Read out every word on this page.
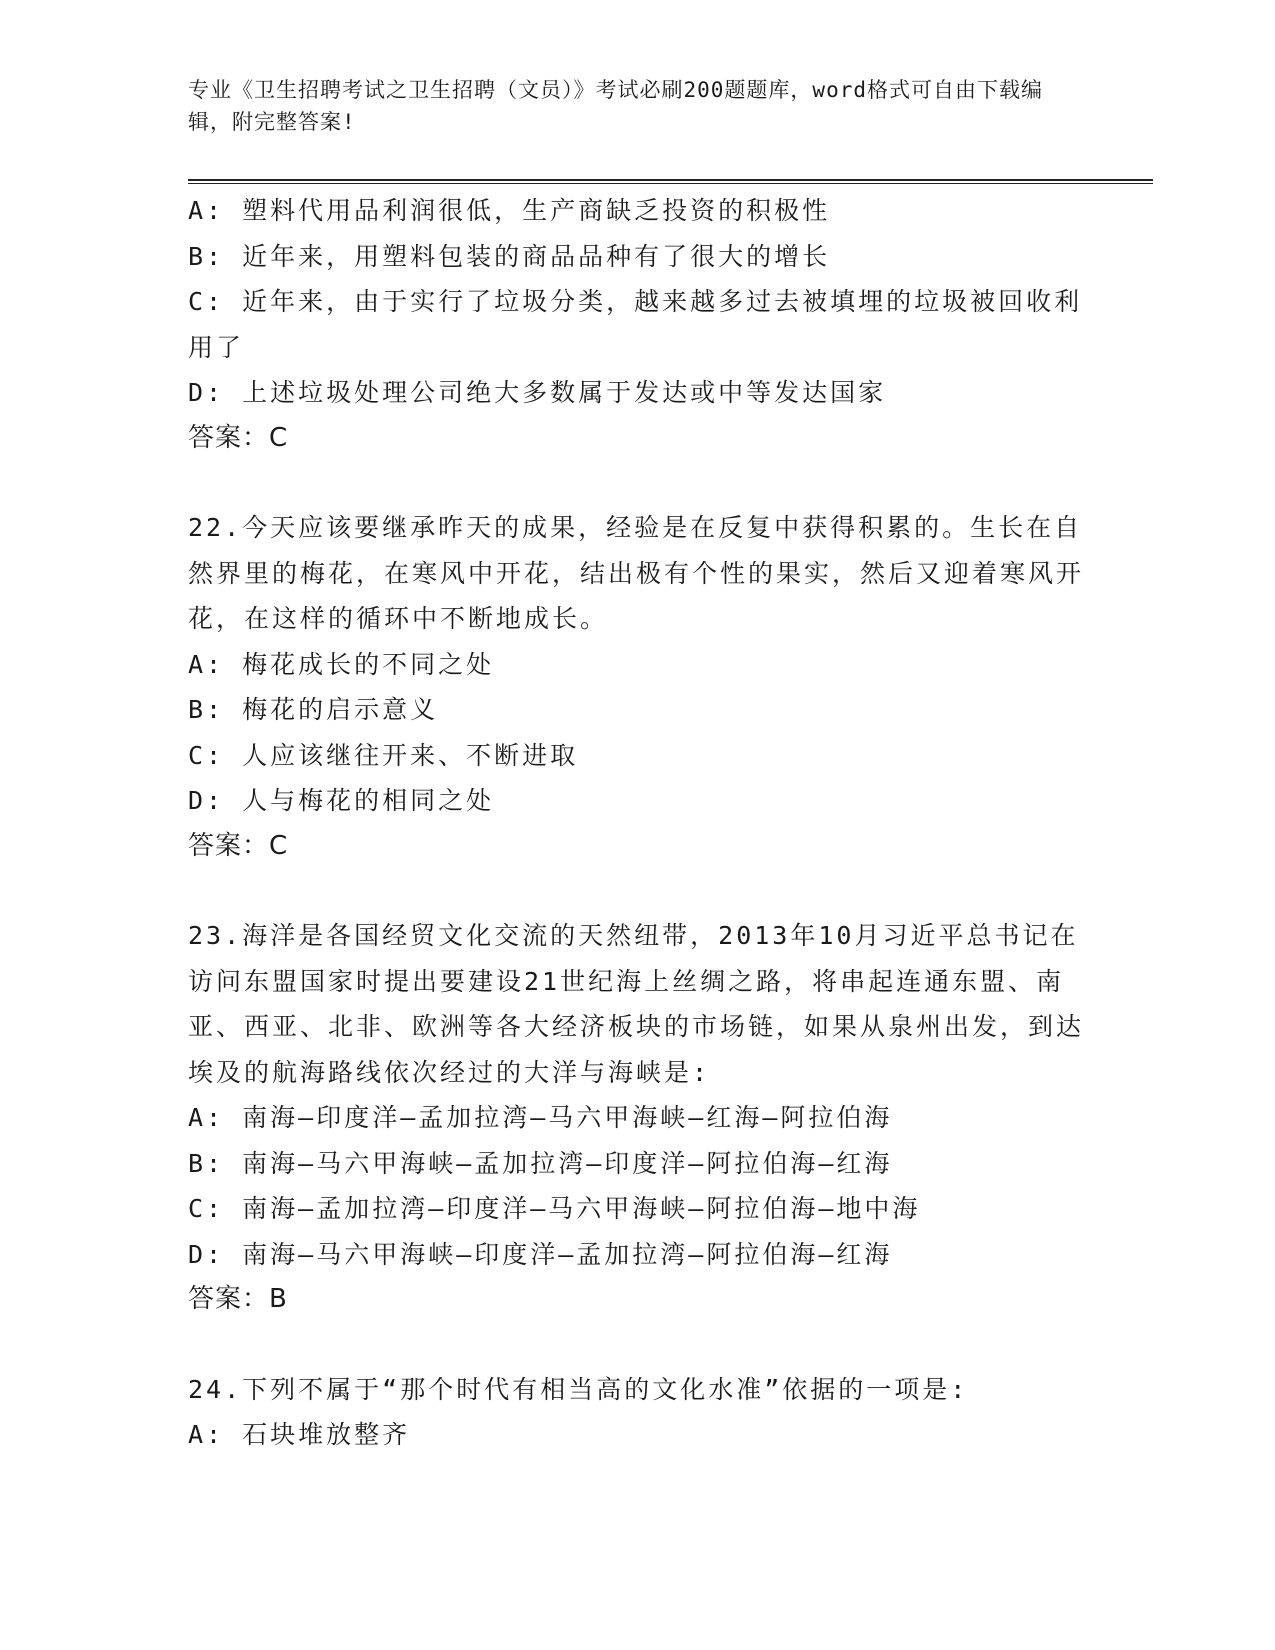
专业《卫生招聘考试之卫生招聘（文员）》考试必刷200题题库，word格式可自由下载编辑，附完整答案!
A: 塑料代用品利润很低，生产商缺乏投资的积极性
B: 近年来，用塑料包装的商品品种有了很大的增长
C: 近年来，由于实行了垃圾分类，越来越多过去被填埋的垃圾被回收利用了
D: 上述垃圾处理公司绝大多数属于发达或中等发达国家
答案：C
22.今天应该要继承昨天的成果，经验是在反复中获得积累的。生长在自然界里的梅花，在寒风中开花，结出极有个性的果实，然后又迎着寒风开花，在这样的循环中不断地成长。
A: 梅花成长的不同之处
B: 梅花的启示意义
C: 人应该继往开来、不断进取
D: 人与梅花的相同之处
答案：C
23.海洋是各国经贸文化交流的天然纽带，2013年10月习近平总书记在访问东盟国家时提出要建设21世纪海上丝绸之路，将串起连通东盟、南亚、西亚、北非、欧洲等各大经济板块的市场链，如果从泉州出发，到达埃及的航海路线依次经过的大洋与海峡是:
A: 南海—印度洋—孟加拉湾—马六甲海峡—红海—阿拉伯海
B: 南海—马六甲海峡—孟加拉湾—印度洋—阿拉伯海—红海
C: 南海—孟加拉湾—印度洋—马六甲海峡—阿拉伯海—地中海
D: 南海—马六甲海峡—印度洋—孟加拉湾—阿拉伯海—红海
答案：B
24.下列不属于“那个时代有相当高的文化水准”依据的一项是:
A: 石块堆放整齐
